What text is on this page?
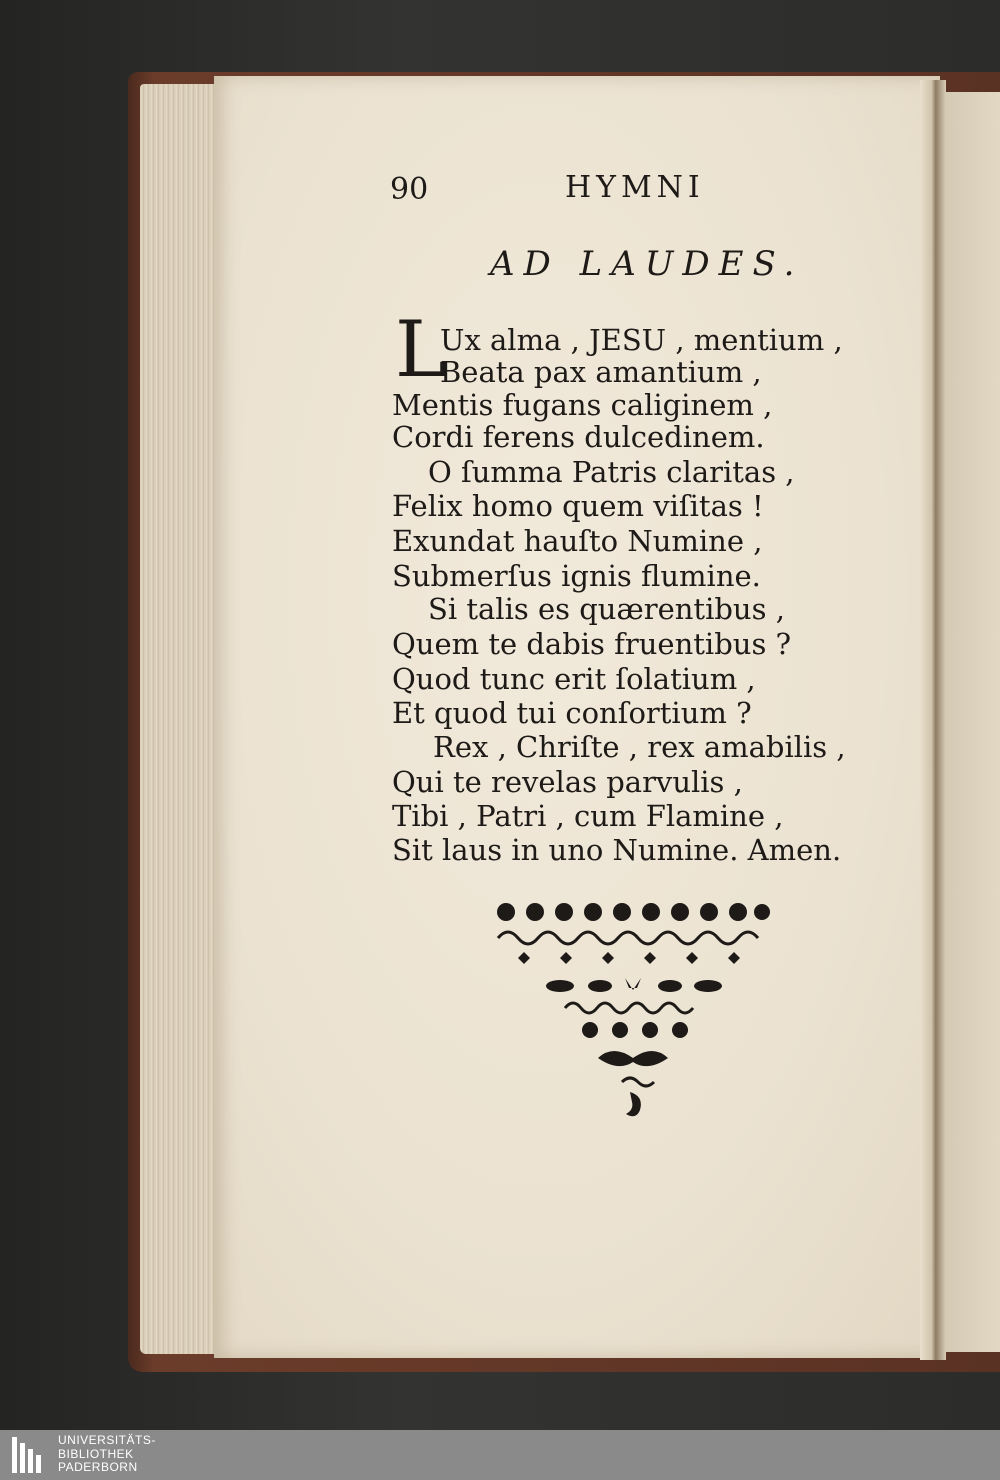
90	HYMNI
AD LAUDES.
L
Ux alma , JESU , mentium ,
Beata pax amantium ,
Mentis fugans caliginem ,
Cordi ferens dulcedinem.
O ſumma Patris claritas ,
Felix homo quem viſitas !
Exundat hauſto Numine ,
Submerſus ignis flumine.
Si talis es quærentibus ,
Quem te dabis fruentibus ?
Quod tunc erit ſolatium ,
Et quod tui conſortium ?
Rex , Chriſte , rex amabilis ,
Qui te revelas parvulis ,
Tibi , Patri , cum Flamine ,
Sit laus in uno Numine. Amen.
UNIVERSITÄTS-
BIBLIOTHEK
PADERBORN
